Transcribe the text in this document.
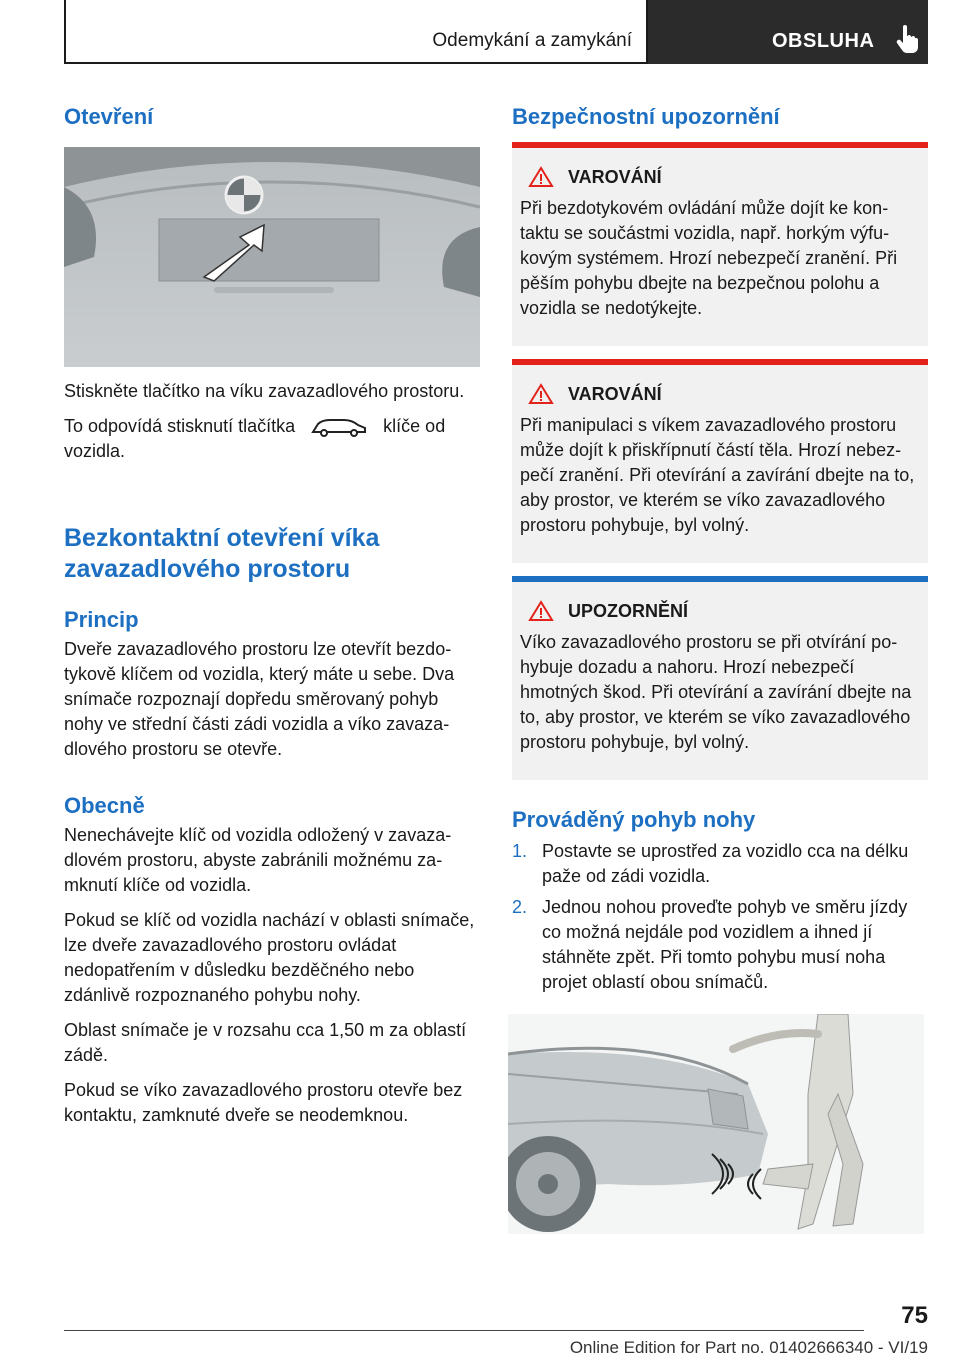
Odemykání a zamykání	OBSLUHA
Otevření

Stiskněte tlačítko na víku zavazadlového prostoru.

To odpovídá stisknutí tlačítka	klíče od vozidla.

Bezkontaktní otevření víka zavazadlového prostoru
Princip

Dveře zavazadlového prostoru lze otevřít bezdotykově klíčem od vozidla, který máte u sebe. Dva snímače rozpoznají dopředu směrovaný pohyb nohy ve střední části zádi vozidla a víko zavazadlového prostoru se otevře.

Obecně

Nenechávejte klíč od vozidla odložený v zavazadlovém prostoru, abyste zabránili možnému zamknutí klíče od vozidla.

Pokud se klíč od vozidla nachází v oblasti snímače, lze dveře zavazadlového prostoru ovládat nedopatřením v důsledku bezděčného nebo zdánlivě rozpoznaného pohybu nohy.

Oblast snímače je v rozsahu cca 1,50 m za oblastí zádě.

Pokud se víko zavazadlového prostoru otevře bez kontaktu, zamknuté dveře se neodemknou.

Bezpečnostní upozornění
VAROVÁNÍ

Při bezdotykovém ovládání může dojít ke kontaktu se součástmi vozidla, např. horkým výfukovým systémem. Hrozí nebezpečí zranění. Při pěším pohybu dbejte na bezpečnou polohu a vozidla se nedotýkejte.

VAROVÁNÍ

Při manipulaci s víkem zavazadlového prostoru může dojít k přiskřípnutí částí těla. Hrozí nebezpečí zranění. Při otevírání a zavírání dbejte na to, aby prostor, ve kterém se víko zavazadlového prostoru pohybuje, byl volný.

UPOZORNĚNÍ

Víko zavazadlového prostoru se při otvírání pohybuje dozadu a nahoru. Hrozí nebezpečí hmotných škod. Při otevírání a zavírání dbejte na to, aby prostor, ve kterém se víko zavazadlového prostoru pohybuje, byl volný.

Prováděný pohyb nohy
1. Postavte se uprostřed za vozidlo cca na délku paže od zádi vozidla.
2. Jednou nohou proveďte pohyb ve směru jízdy co možná nejdále pod vozidlem a ihned jí stáhněte zpět. Při tomto pohybu musí noha projet oblastí obou snímačů.
75
Online Edition for Part no. 01402666340 - VI/19
